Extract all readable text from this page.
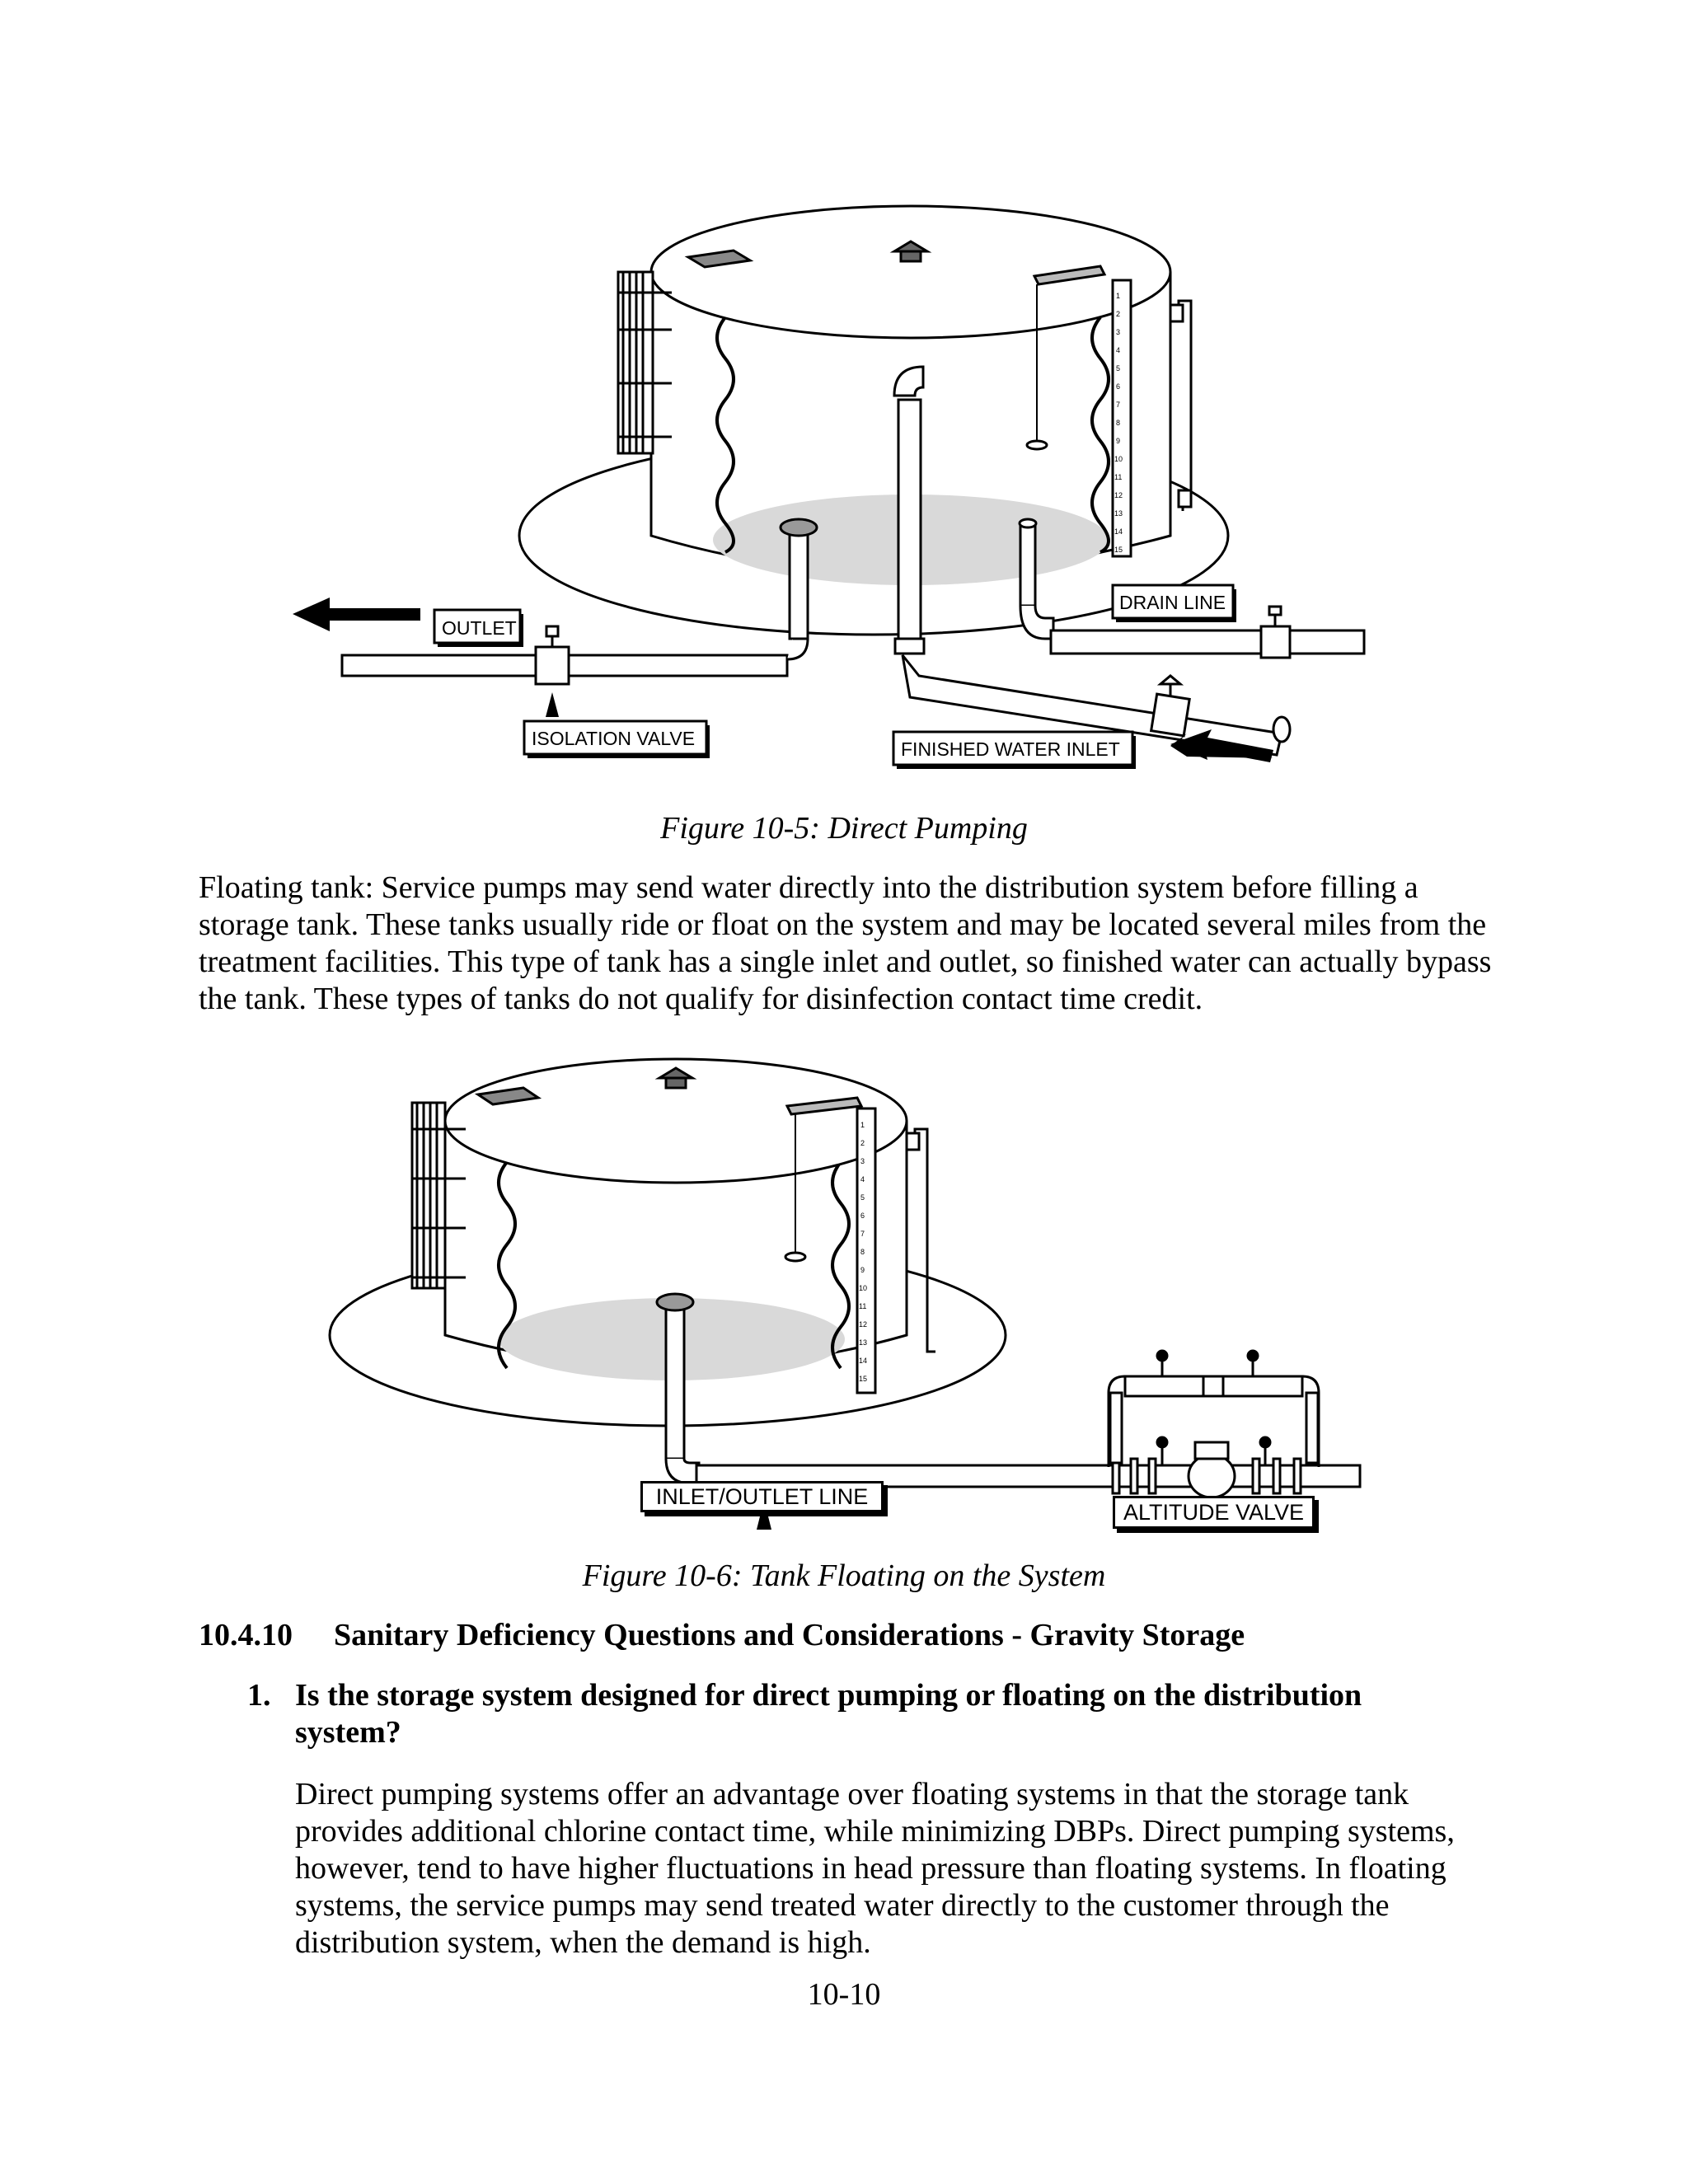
1
2
3
4
5
6
7
8
9
10
11
12
13
14
15
OUTLET
DRAIN LINE
ISOLATION VALVE	FINISHED WATER INLET
Figure 10-5: Direct Pumping

Floating tank: Service pumps may send water directly into the distribution system before filling a storage tank. These tanks usually ride or float on the system and may be located several miles from the treatment facilities. This type of tank has a single inlet and outlet, so finished water can actually bypass the tank. These types of tanks do not qualify for disinfection contact time credit.

1
2
3
4
5
6
7
8
9
10
11
12
13
14
15
INLET/OUTLET LINE
ALTITUDE VALVE
Figure 10-6: Tank Floating on the System
10.4.10 Sanitary Deficiency Questions and Considerations - Gravity Storage
1. Is the storage system designed for direct pumping or floating on the distribution system?

Direct pumping systems offer an advantage over floating systems in that the storage tank provides additional chlorine contact time, while minimizing DBPs. Direct pumping systems, however, tend to have higher fluctuations in head pressure than floating systems. In floating systems, the service pumps may send treated water directly to the customer through the distribution system, when the demand is high.

10-10
